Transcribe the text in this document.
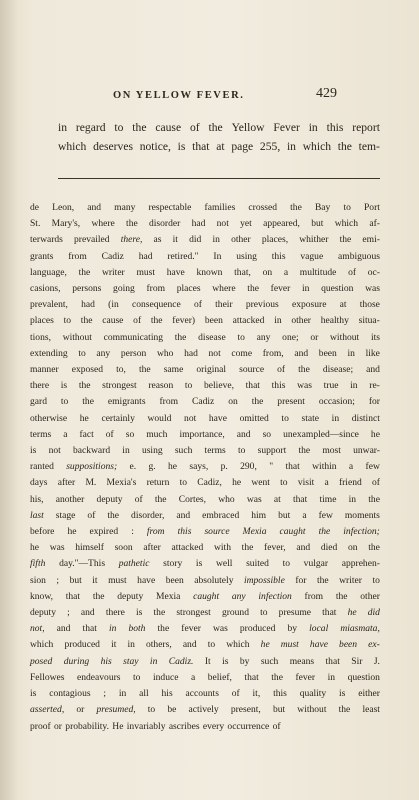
ON YELLOW FEVER.	429

in regard to the cause of the Yellow Fever in this report

which deserves notice, is that at page 255, in which the tem-

de Leon, and many respectable families crossed the Bay to Port
St. Mary's, where the disorder had not yet appeared, but which af-
terwards prevailed there, as it did in other places, whither the emi-
grants from Cadiz had retired." In using this vague ambiguous
language, the writer must have known that, on a multitude of oc-
casions, persons going from places where the fever in question was
prevalent, had (in consequence of their previous exposure at those
places to the cause of the fever) been attacked in other healthy situa-
tions, without communicating the disease to any one; or without its
extending to any person who had not come from, and been in like
manner exposed to, the same original source of the disease; and
there is the strongest reason to believe, that this was true in re-
gard to the emigrants from Cadiz on the present occasion; for
otherwise he certainly would not have omitted to state in distinct
terms a fact of so much importance, and so unexampled—since he
is not backward in using such terms to support the most unwar-
ranted suppositions; e. g. he says, p. 290, " that within a few
days after M. Mexia's return to Cadiz, he went to visit a friend of
his, another deputy of the Cortes, who was at that time in the
last stage of the disorder, and embraced him but a few moments
before he expired : from this source Mexia caught the infection;
he was himself soon after attacked with the fever, and died on the
fifth day."—This pathetic story is well suited to vulgar apprehen-
sion ; but it must have been absolutely impossible for the writer to
know, that the deputy Mexia caught any infection from the other
deputy ; and there is the strongest ground to presume that he did
not, and that in both the fever was produced by local miasmata,
which produced it in others, and to which he must have been ex-
posed during his stay in Cadiz. It is by such means that Sir J.
Fellowes endeavours to induce a belief, that the fever in question
is contagious ; in all his accounts of it, this quality is either
asserted, or presumed, to be actively present, but without the least
proof or probability. He invariably ascribes every occurrence of
